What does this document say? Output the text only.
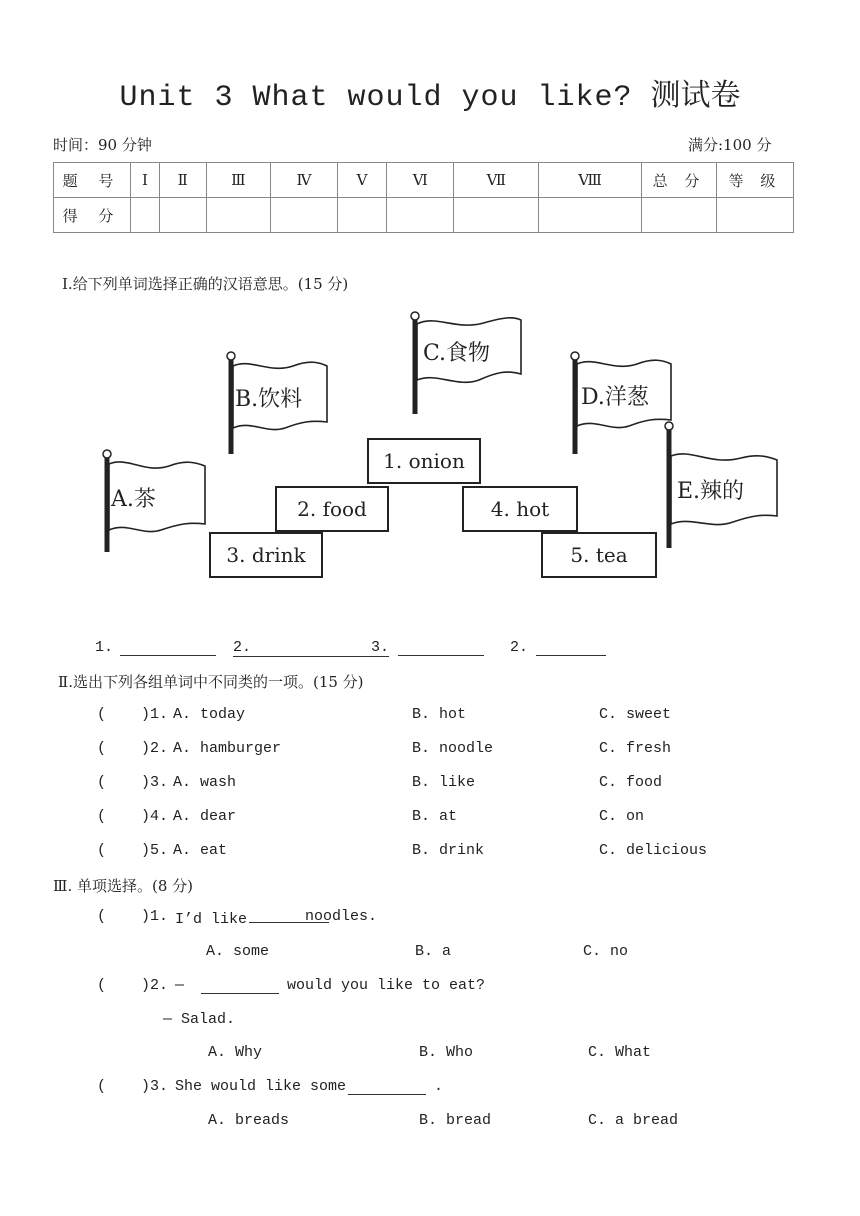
Unit 3 What would you like? 测试卷
时间：90 分钟	满分:100 分
题 号	Ⅰ	Ⅱ	Ⅲ	Ⅳ	Ⅴ	Ⅵ	Ⅶ	Ⅷ	总 分	等 级
得 分										
Ⅰ.给下列单词选择正确的汉语意思。(15 分)
C.食物
B.饮料	D.洋葱
A.茶	E.辣的
1. onion
2. food	4. hot
3. drink	5. tea
1.	2.	3.	2.
Ⅱ.选出下列各组单词中不同类的一项。(15 分)
( )1. A. today	B. hot	C. sweet
( )2. A. hamburger	B. noodle	C. fresh
( )3. A. wash	B. like	C. food
( )4. A. dear	B. at	C. on
( )5. A. eat	B. drink	C. delicious
Ⅲ. 单项选择。(8 分)
( )1. I’d like	noodles.
A. some	B. a	C. no
( )2. —	would you like to eat?
— Salad.
A. Why	B. Who	C. What
( )3. She would like some	.
A. breads	B. bread	C. a bread
